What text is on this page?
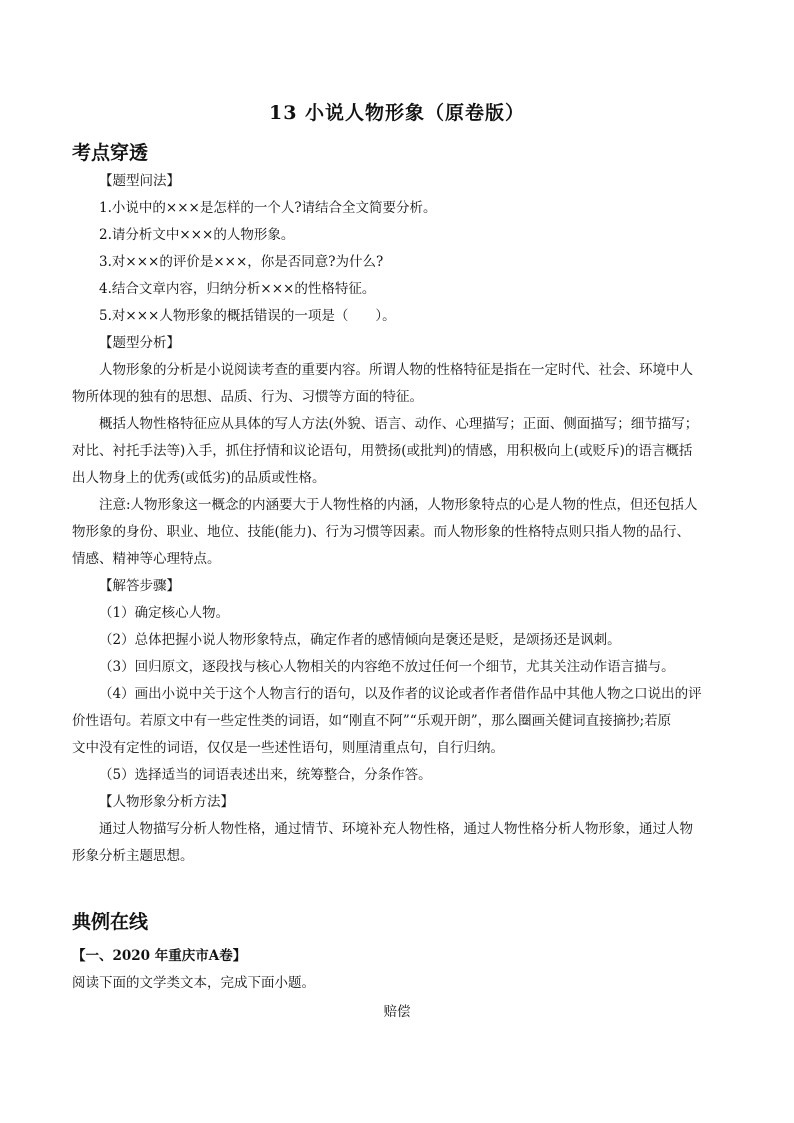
13 小说人物形象（原卷版）
考点穿透
【题型问法】
1.小说中的×××是怎样的一个人?请结合全文简要分析。
2.请分析文中×××的人物形象。
3.对×××的评价是×××，你是否同意?为什么?
4.结合文章内容，归纳分析×××的性格特征。
5.对×××人物形象的概括错误的一项是（　　）。
【题型分析】
人物形象的分析是小说阅读考查的重要内容。所谓人物的性格特征是指在一定时代、社会、环境中人
物所体现的独有的思想、品质、行为、习惯等方面的特征。
概括人物性格特征应从具体的写人方法(外貌、语言、动作、心理描写；正面、侧面描写；细节描写；
对比、衬托手法等)入手，抓住抒情和议论语句，用赞扬(或批判)的情感，用积极向上(或贬斥)的语言概括
出人物身上的优秀(或低劣)的品质或性格。
注意:人物形象这一概念的内涵要大于人物性格的内涵，人物形象特点的心是人物的性点，但还包括人
物形象的身份、职业、地位、技能(能力)、行为习惯等因素。而人物形象的性格特点则只指人物的品行、
情感、精神等心理特点。
【解答步骤】
（1）确定核心人物。
（2）总体把握小说人物形象特点，确定作者的感情倾向是褒还是贬，是颂扬还是讽刺。
（3）回归原文，逐段找与核心人物相关的内容绝不放过任何一个细节，尤其关注动作语言描与。
（4）画出小说中关于这个人物言行的语句，以及作者的议论或者作者借作品中其他人物之口说出的评
价性语句。若原文中有一些定性类的词语，如“刚直不阿”“乐观开朗”，那么圈画关健词直接摘抄;若原
文中没有定性的词语，仅仅是一些述性语句，则厘清重点句，自行归纳。
（5）选择适当的词语表述出来，统筹整合，分条作答。
【人物形象分析方法】
通过人物描写分析人物性格，通过情节、环境补充人物性格，通过人物性格分析人物形象，通过人物
形象分析主题思想。
典例在线
【一、2020 年重庆市A卷】
阅读下面的文学类文本，完成下面小题。
赔偿
